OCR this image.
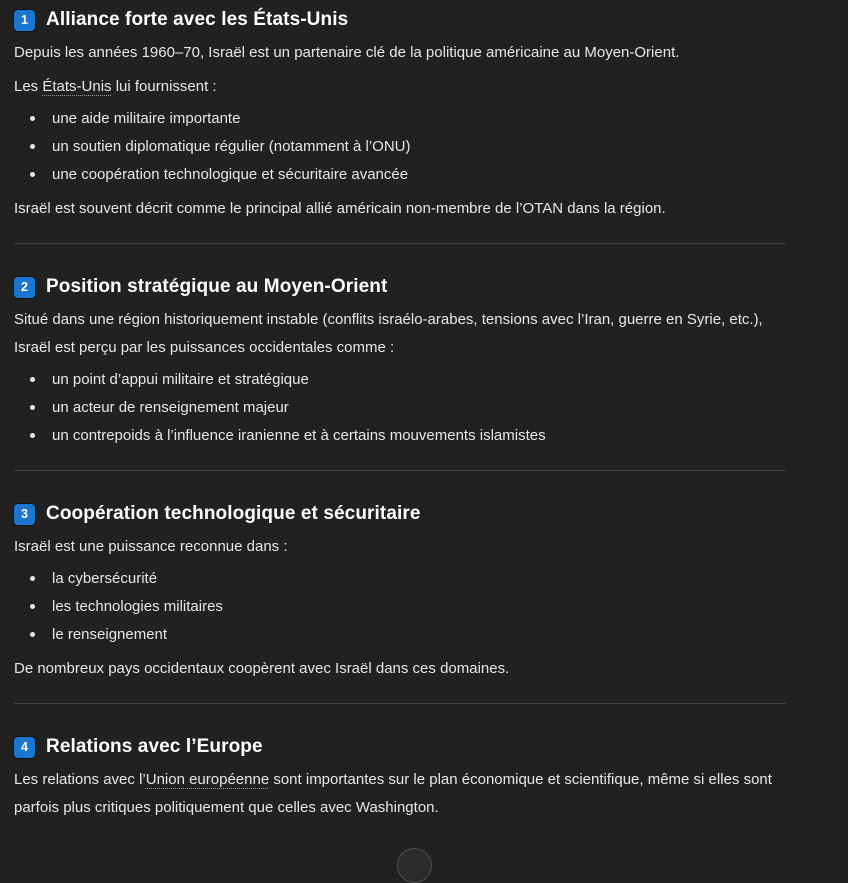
1 Alliance forte avec les États-Unis

Depuis les années 1960–70, Israël est un partenaire clé de la politique américaine au Moyen-Orient.

Les États-Unis lui fournissent :

une aide militaire importante
un soutien diplomatique régulier (notamment à l’ONU)
une coopération technologique et sécuritaire avancée

Israël est souvent décrit comme le principal allié américain non-membre de l’OTAN dans la région.

2 Position stratégique au Moyen-Orient

Situé dans une région historiquement instable (conflits israélo-arabes, tensions avec l’Iran, guerre en Syrie, etc.), Israël est perçu par les puissances occidentales comme :

un point d’appui militaire et stratégique
un acteur de renseignement majeur
un contrepoids à l’influence iranienne et à certains mouvements islamistes
3 Coopération technologique et sécuritaire

Israël est une puissance reconnue dans :

la cybersécurité
les technologies militaires
le renseignement

De nombreux pays occidentaux coopèrent avec Israël dans ces domaines.

4 Relations avec l’Europe

Les relations avec l’Union européenne sont importantes sur le plan économique et scientifique, même si elles sont parfois plus critiques politiquement que celles avec Washington.
